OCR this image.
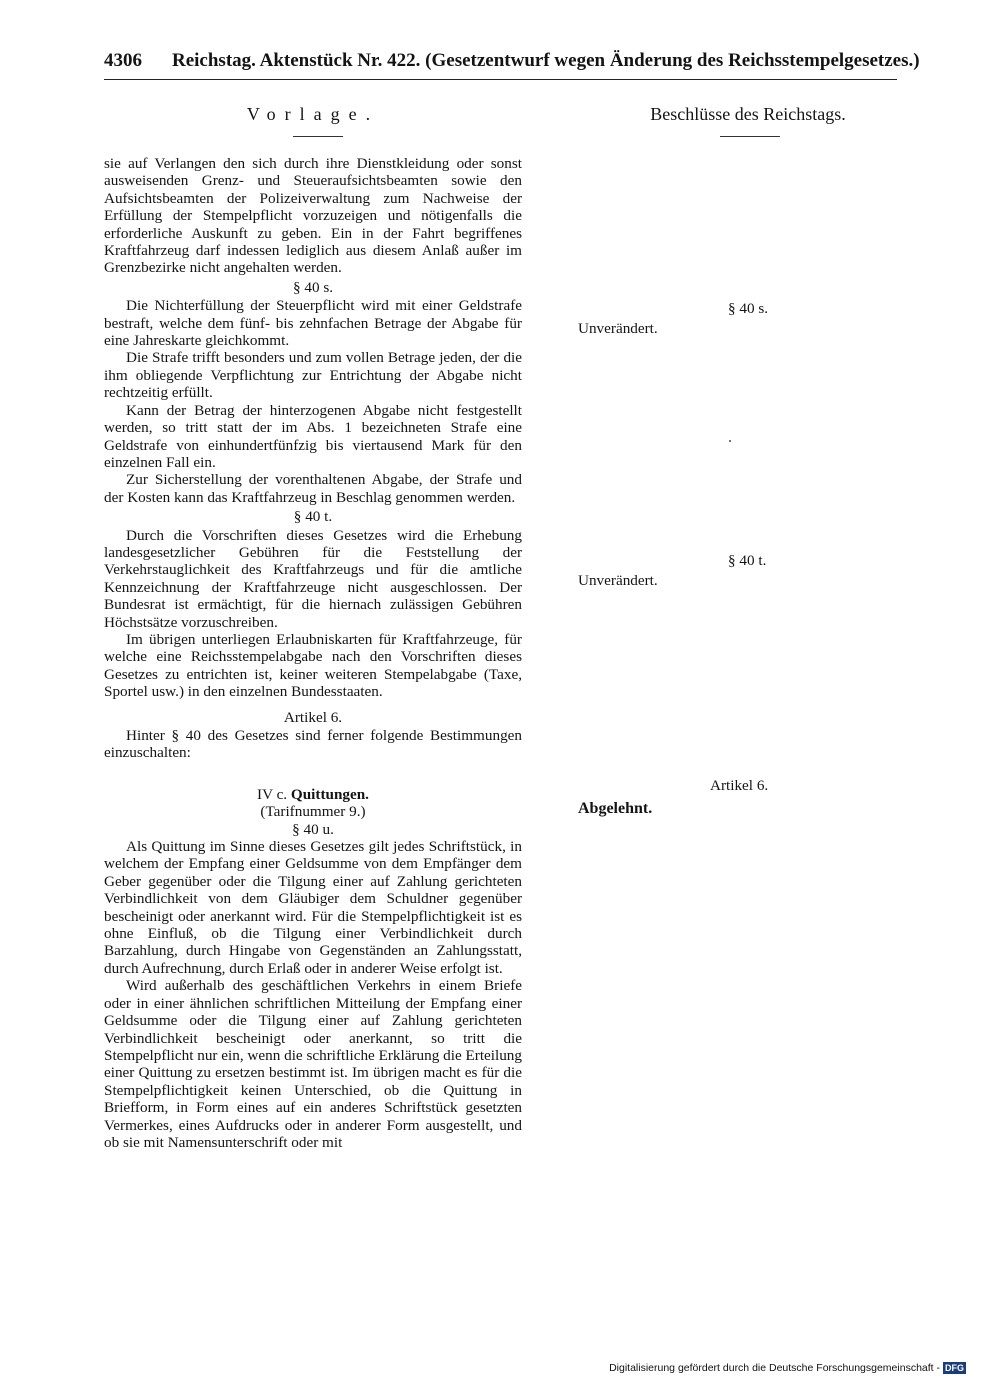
4306 Reichstag. Aktenstück Nr. 422. (Gesetzentwurf wegen Änderung des Reichsstempelgesetzes.)
Vorlage.	Beschlüsse des Reichstags.

sie auf Verlangen den sich durch ihre Dienstkleidung oder sonst ausweisenden Grenz- und Steueraufsichtsbeamten sowie den Aufsichtsbeamten der Polizeiverwaltung zum Nachweise der Erfüllung der Stempelpflicht vorzuzeigen und nötigenfalls die erforderliche Auskunft zu geben. Ein in der Fahrt begriffenes Kraftfahrzeug darf indessen lediglich aus diesem Anlaß außer im Grenzbezirke nicht angehalten werden.

§ 40 s.

Die Nichterfüllung der Steuerpflicht wird mit einer Geldstrafe bestraft, welche dem fünf- bis zehnfachen Betrage der Abgabe für eine Jahreskarte gleichkommt.

Die Strafe trifft besonders und zum vollen Betrage jeden, der die ihm obliegende Verpflichtung zur Entrichtung der Abgabe nicht rechtzeitig erfüllt.

Kann der Betrag der hinterzogenen Abgabe nicht festgestellt werden, so tritt statt der im Abs. 1 bezeichneten Strafe eine Geldstrafe von einhundertfünfzig bis viertausend Mark für den einzelnen Fall ein.

Zur Sicherstellung der vorenthaltenen Abgabe, der Strafe und der Kosten kann das Kraftfahrzeug in Beschlag genommen werden.

§ 40 t.

Durch die Vorschriften dieses Gesetzes wird die Erhebung landesgesetzlicher Gebühren für die Feststellung der Verkehrstauglichkeit des Kraftfahrzeugs und für die amtliche Kennzeichnung der Kraftfahrzeuge nicht ausgeschlossen. Der Bundesrat ist ermächtigt, für die hiernach zulässigen Gebühren Höchstsätze vorzuschreiben.

Im übrigen unterliegen Erlaubniskarten für Kraftfahrzeuge, für welche eine Reichsstempelabgabe nach den Vorschriften dieses Gesetzes zu entrichten ist, keiner weiteren Stempelabgabe (Taxe, Sportel usw.) in den einzelnen Bundesstaaten.

Artikel 6.

Hinter § 40 des Gesetzes sind ferner folgende Bestimmungen einzuschalten:

IV c. Quittungen.
(Tarifnummer 9.)
§ 40 u.

Als Quittung im Sinne dieses Gesetzes gilt jedes Schriftstück, in welchem der Empfang einer Geldsumme von dem Empfänger dem Geber gegenüber oder die Tilgung einer auf Zahlung gerichteten Verbindlichkeit von dem Gläubiger dem Schuldner gegenüber bescheinigt oder anerkannt wird. Für die Stempelpflichtigkeit ist es ohne Einfluß, ob die Tilgung einer Verbindlichkeit durch Barzahlung, durch Hingabe von Gegenständen an Zahlungsstatt, durch Aufrechnung, durch Erlaß oder in anderer Weise erfolgt ist.

Wird außerhalb des geschäftlichen Verkehrs in einem Briefe oder in einer ähnlichen schriftlichen Mitteilung der Empfang einer Geldsumme oder die Tilgung einer auf Zahlung gerichteten Verbindlichkeit bescheinigt oder anerkannt, so tritt die Stempelpflicht nur ein, wenn die schriftliche Erklärung die Erteilung einer Quittung zu ersetzen bestimmt ist. Im übrigen macht es für die Stempelpflichtigkeit keinen Unterschied, ob die Quittung in Briefform, in Form eines auf ein anderes Schriftstück gesetzten Vermerkes, eines Aufdrucks oder in anderer Form ausgestellt, und ob sie mit Namensunterschrift oder mit

§ 40 s.
Unverändert.
§ 40 t.
Unverändert.
Artikel 6.
Abgelehnt.
Digitalisierung gefördert durch die Deutsche Forschungsgemeinschaft - DFG
